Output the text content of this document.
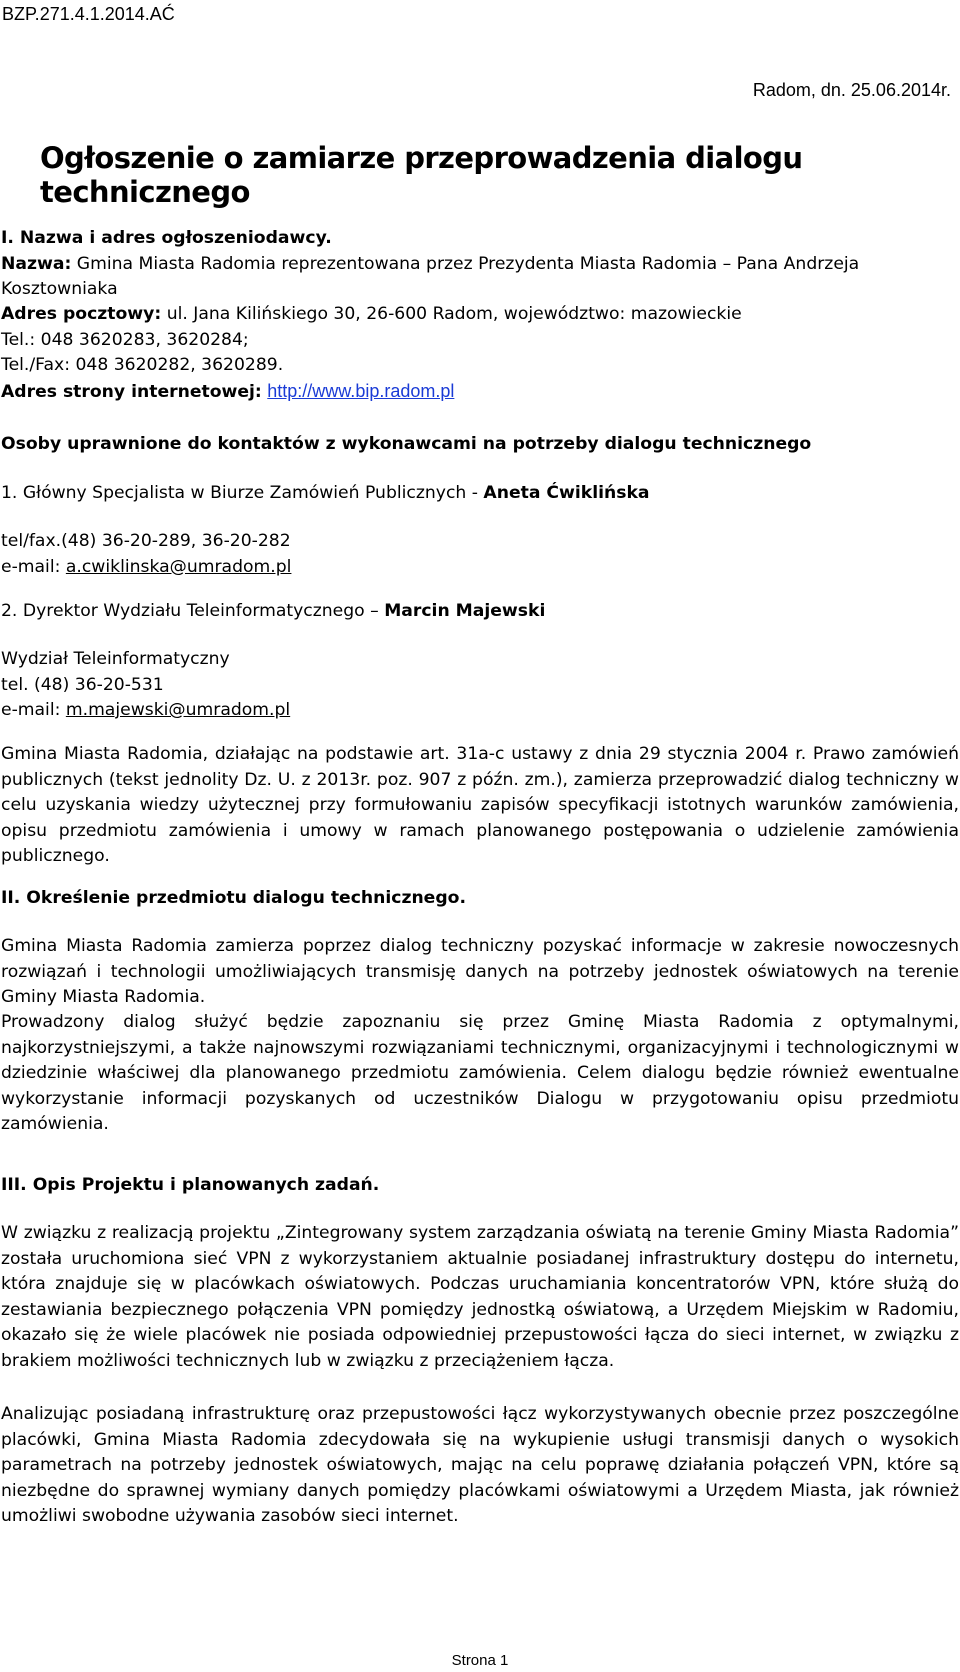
BZP.271.4.1.2014.AĆ
Radom, dn. 25.06.2014r.
Ogłoszenie o zamiarze przeprowadzenia dialogu technicznego
I. Nazwa i adres ogłoszeniodawcy.
Nazwa: Gmina Miasta Radomia reprezentowana przez Prezydenta Miasta Radomia – Pana Andrzeja Kosztowniaka
Adres pocztowy: ul. Jana Kilińskiego 30, 26-600 Radom, województwo: mazowieckie
Tel.: 048 3620283, 3620284;
Tel./Fax: 048 3620282, 3620289.
Adres strony internetowej: http://www.bip.radom.pl
Osoby uprawnione do kontaktów z wykonawcami na potrzeby dialogu technicznego
1. Główny Specjalista w Biurze Zamówień Publicznych - Aneta Ćwiklińska
tel/fax.(48) 36-20-289, 36-20-282
e-mail: a.cwiklinska@umradom.pl
2. Dyrektor Wydziału Teleinformatycznego – Marcin Majewski
Wydział Teleinformatyczny
tel. (48) 36-20-531
e-mail: m.majewski@umradom.pl
Gmina Miasta Radomia, działając na podstawie art. 31a-c ustawy z dnia 29 stycznia 2004 r. Prawo zamówień publicznych (tekst jednolity Dz. U. z 2013r. poz. 907 z późn. zm.), zamierza przeprowadzić dialog techniczny w celu uzyskania wiedzy użytecznej przy formułowaniu zapisów specyfikacji istotnych warunków zamówienia, opisu przedmiotu zamówienia i umowy w ramach planowanego postępowania o udzielenie zamówienia publicznego.
II. Określenie przedmiotu dialogu technicznego.
Gmina Miasta Radomia zamierza poprzez dialog techniczny pozyskać informacje w zakresie nowoczesnych rozwiązań i technologii umożliwiających transmisję danych na potrzeby jednostek oświatowych na terenie Gminy Miasta Radomia.
Prowadzony dialog służyć będzie zapoznaniu się przez Gminę Miasta Radomia z optymalnymi, najkorzystniejszymi, a także najnowszymi rozwiązaniami technicznymi, organizacyjnymi i technologicznymi w dziedzinie właściwej dla planowanego przedmiotu zamówienia. Celem dialogu będzie również ewentualne wykorzystanie informacji pozyskanych od uczestników Dialogu w przygotowaniu opisu przedmiotu zamówienia.
III. Opis Projektu i planowanych zadań.
W związku z realizacją projektu „Zintegrowany system zarządzania oświatą na terenie Gminy Miasta Radomia” została uruchomiona sieć VPN z wykorzystaniem aktualnie posiadanej infrastruktury dostępu do internetu, która znajduje się w placówkach oświatowych. Podczas uruchamiania koncentratorów VPN, które służą do zestawiania bezpiecznego połączenia VPN pomiędzy jednostką oświatową, a Urzędem Miejskim w Radomiu, okazało się że wiele placówek nie posiada odpowiedniej przepustowości łącza do sieci internet, w związku z brakiem możliwości technicznych lub w związku z przeciążeniem łącza.
Analizując posiadaną infrastrukturę oraz przepustowości łącz wykorzystywanych obecnie przez poszczególne placówki, Gmina Miasta Radomia zdecydowała się na wykupienie usługi transmisji danych o wysokich parametrach na potrzeby jednostek oświatowych, mając na celu poprawę działania połączeń VPN, które są niezbędne do sprawnej wymiany danych pomiędzy placówkami oświatowymi a Urzędem Miasta, jak również umożliwi swobodne używania zasobów sieci internet.
Strona 1
